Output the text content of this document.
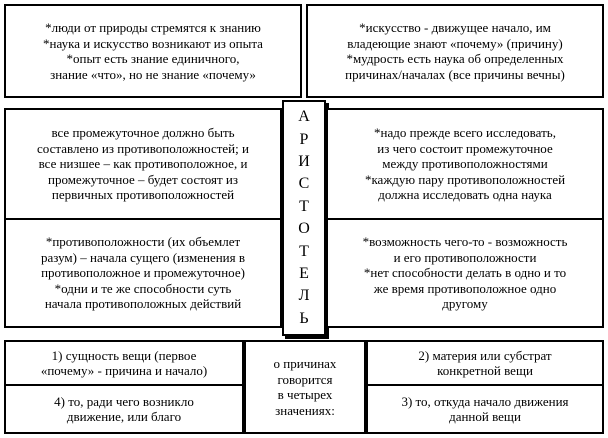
*люди от природы стремятся к знанию
*наука и искусство возникают из опыта
*опыт есть знание единичного,
знание «что», но не знание «почему»
*искусство - движущее начало, им
владеющие знают «почему» (причину)
*мудрость есть наука об определенных
причинах/началах (все причины вечны)
все промежуточное должно быть
составлено из противоположностей; и
все низшее – как противоположное, и
промежуточное – будет состоят из
первичных противоположностей
*противоположности (их объемлет
разум) – начала сущего (изменения в
противоположное и промежуточное)
*одни и те же способности суть
начала противоположных действий
А
Р
И
С
Т
О
Т
Е
Л
Ь
*надо прежде всего исследовать,
из чего состоит промежуточное
между противоположностями
*каждую пару противоположностей
должна исследовать одна наука
*возможность чего-то - возможность
и его противоположности
*нет способности делать в одно и то
же время противоположное одно
другому
1) сущность вещи (первое
«почему» - причина и начало)
4) то, ради чего возникло
движение, или благо
о причинах
говорится
в четырех
значениях:
2) материя или субстрат
конкретной вещи
3) то, откуда начало движения
данной вещи
